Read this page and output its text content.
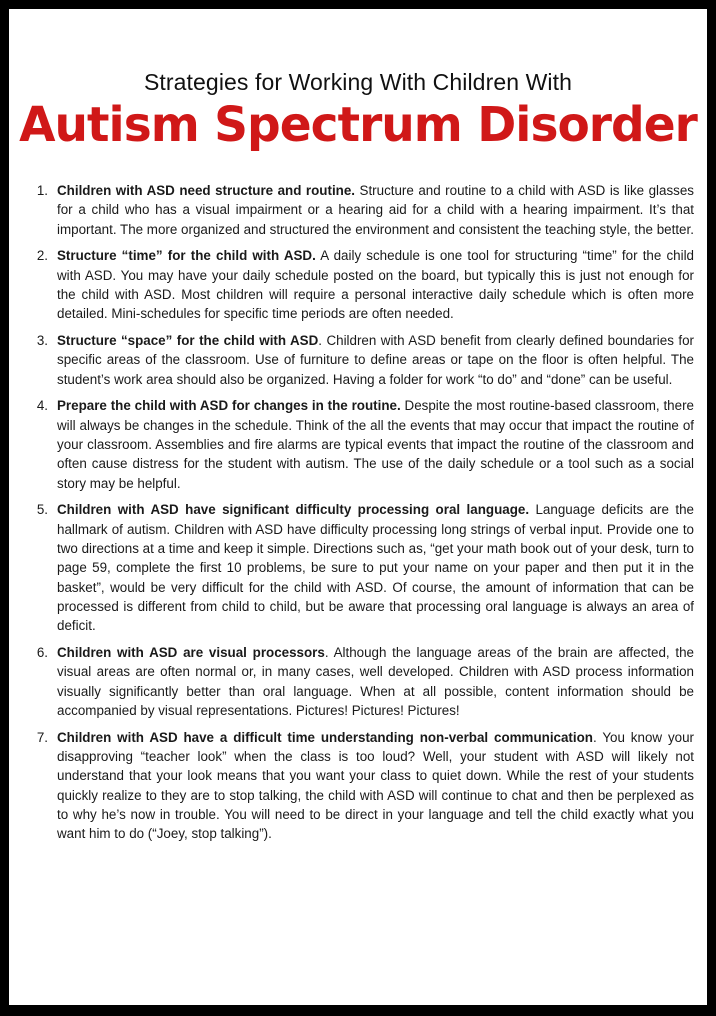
Strategies for Working With Children With
Autism Spectrum Disorder
1. Children with ASD need structure and routine. Structure and routine to a child with ASD is like glasses for a child who has a visual impairment or a hearing aid for a child with a hearing impairment. It’s that important. The more organized and structured the environment and consistent the teaching style, the better.
2. Structure “time” for the child with ASD. A daily schedule is one tool for structuring “time” for the child with ASD. You may have your daily schedule posted on the board, but typically this is just not enough for the child with ASD. Most children will require a personal interactive daily schedule which is often more detailed. Mini-schedules for specific time periods are often needed.
3. Structure “space” for the child with ASD. Children with ASD benefit from clearly defined boundaries for specific areas of the classroom. Use of furniture to define areas or tape on the floor is often helpful. The student’s work area should also be organized. Having a folder for work “to do” and “done” can be useful.
4. Prepare the child with ASD for changes in the routine. Despite the most routine-based classroom, there will always be changes in the schedule. Think of the all the events that may occur that impact the routine of your classroom. Assemblies and fire alarms are typical events that impact the routine of the classroom and often cause distress for the student with autism. The use of the daily schedule or a tool such as a social story may be helpful.
5. Children with ASD have significant difficulty processing oral language. Language deficits are the hallmark of autism. Children with ASD have difficulty processing long strings of verbal input. Provide one to two directions at a time and keep it simple. Directions such as, “get your math book out of your desk, turn to page 59, complete the first 10 problems, be sure to put your name on your paper and then put it in the basket”, would be very difficult for the child with ASD. Of course, the amount of information that can be processed is different from child to child, but be aware that processing oral language is always an area of deficit.
6. Children with ASD are visual processors. Although the language areas of the brain are affected, the visual areas are often normal or, in many cases, well developed. Children with ASD process information visually significantly better than oral language. When at all possible, content information should be accompanied by visual representations. Pictures! Pictures! Pictures!
7. Children with ASD have a difficult time understanding non-verbal communication. You know your disapproving “teacher look” when the class is too loud? Well, your student with ASD will likely not understand that your look means that you want your class to quiet down. While the rest of your students quickly realize to they are to stop talking, the child with ASD will continue to chat and then be perplexed as to why he’s now in trouble. You will need to be direct in your language and tell the child exactly what you want him to do (“Joey, stop talking”).
